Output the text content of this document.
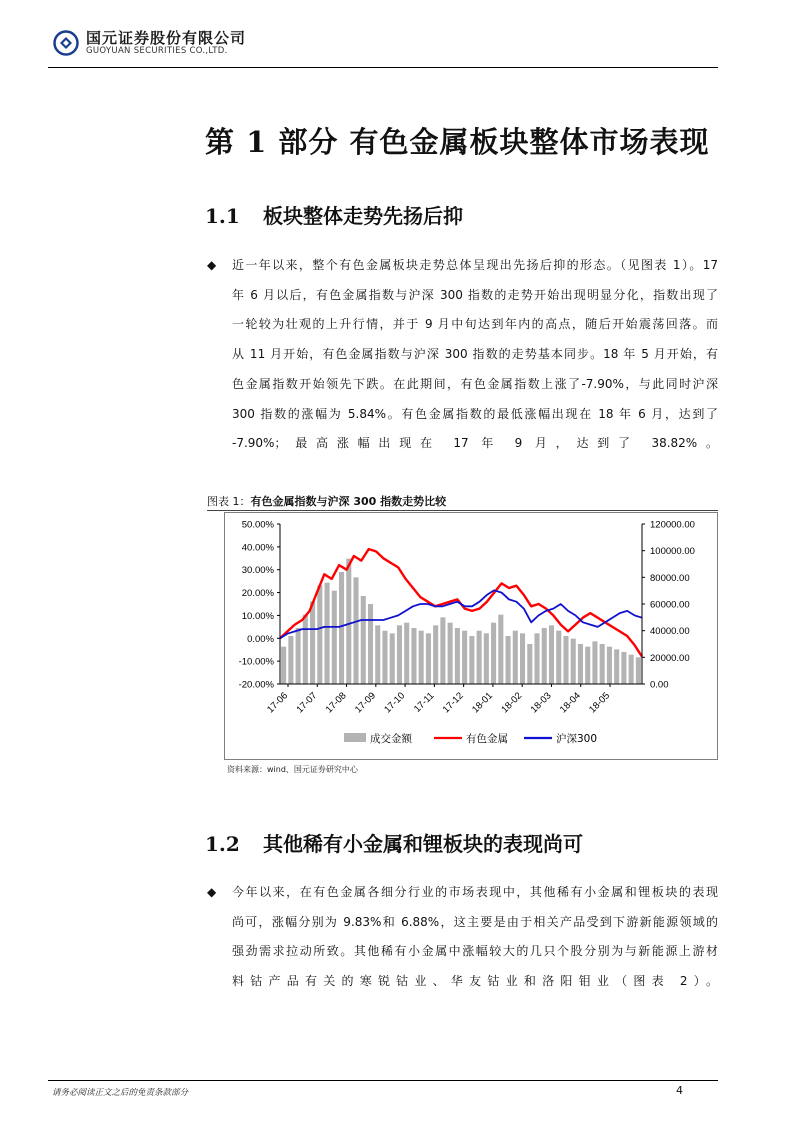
国元证券股份有限公司
GUOYUAN SECURITIES CO.,LTD.
第 1 部分 有色金属板块整体市场表现
1.1 板块整体走势先扬后抑
◆ 近一年以来，整个有色金属板块走势总体呈现出先扬后抑的形态。（见图表 1）。17
年 6 月以后，有色金属指数与沪深 300 指数的走势开始出现明显分化，指数出现了
一轮较为壮观的上升行情，并于 9 月中旬达到年内的高点，随后开始震荡回落。而
从 11 月开始，有色金属指数与沪深 300 指数的走势基本同步。18 年 5 月开始，有
色金属指数开始领先下跌。在此期间，有色金属指数上涨了-7.90%，与此同时沪深
300 指数的涨幅为 5.84%。有色金属指数的最低涨幅出现在 18 年 6 月，达到了
-7.90%；最高涨幅出现在 17 年 9 月，达到了 38.82%。
图表 1：有色金属指数与沪深 300 指数走势比较
50.00%
40.00%
30.00%
20.00%
10.00%
0.00%
-10.00%
-20.00%
120000.00
100000.00
80000.00
60000.00
40000.00
20000.00
0.00
17-06 17-07 17-08 17-09 17-10 17-11 17-12 18-01 18-02 18-03 18-04 18-05
成交金额	有色金属	沪深300
资料来源：wind、国元证券研究中心
1.2 其他稀有小金属和锂板块的表现尚可
◆ 今年以来，在有色金属各细分行业的市场表现中，其他稀有小金属和锂板块的表现
尚可，涨幅分别为 9.83%和 6.88%，这主要是由于相关产品受到下游新能源领域的
强劲需求拉动所致。其他稀有小金属中涨幅较大的几只个股分别为与新能源上游材
料钴产品有关的寒锐钴业、华友钴业和洛阳钼业（图表 2）。
请务必阅读正文之后的免责条款部分	4
